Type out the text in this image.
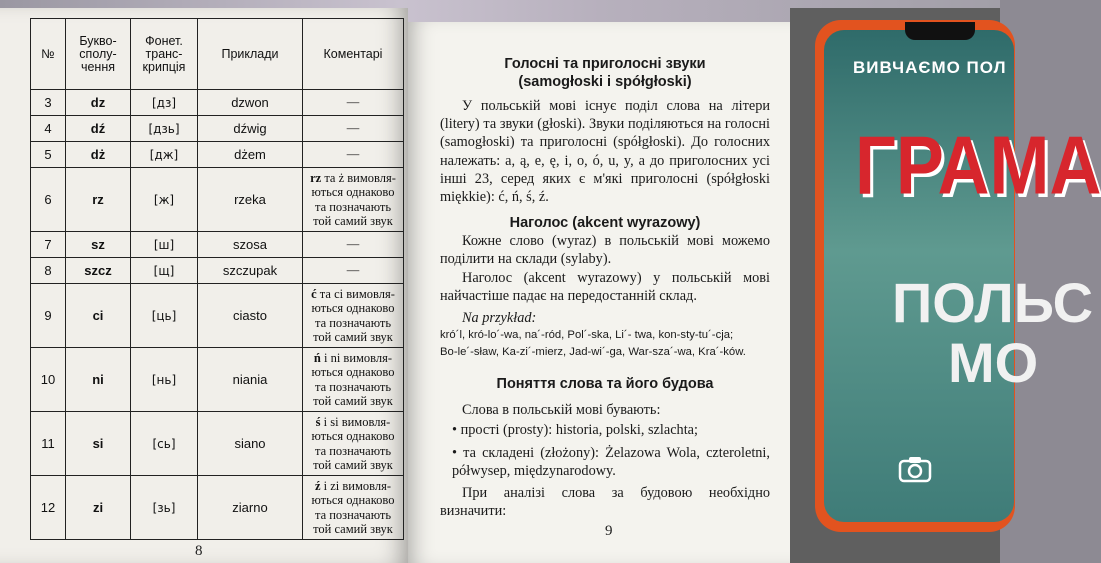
№	Букво-
сполу-
чення	Фонет.
транс-
крипція	Приклади	Коментарі
3	dz	[дз]	dzwon	—
4	dź	[дзь]	dźwig	—
5	dż	[дж]	dżem	—
6	rz	[ж]	rzeka	rz та ż вимовля-ються однаково та позначають той самий звук
7	sz	[ш]	szosa	—
8	szcz	[щ]	szczupak	—
9	ci	[ць]	ciasto	ć та ci вимовля-ються однаково та позначають той самий звук
10	ni	[нь]	niania	ń і ni вимовля-ються однаково та позначають той самий звук
11	si	[сь]	siano	ś і si вимовля-ються однаково та позначають той самий звук
12	zi	[зь]	ziarno	ź і zi вимовля-ються однаково та позначають той самий звук
8
9
Голосні та приголосні звуки
(samogłoski i spółgłoski)

У польській мові існує поділ слова на літери (litery) та звуки (głoski). Звуки поділяються на голосні (samogłoski) та приголосні (spółgłoski). До голосних належать: a, ą, e, ę, i, o, ó, u, y, а до приголосних усі інші 23, серед яких є м'які приголосні (spółgłoski miękkie): ć, ń, ś, ź.

Наголос (akcent wyrazowy)

Кожне слово (wyraz) в польській мові можемо поділити на склади (sylaby).

Наголос (akcent wyrazowy) у польській мові найчастіше падає на передостанній склад.

Na przykład:

kró´l, kró-lo´-wa, na´-ród, Pol´-ska, Li´- twa, kon-sty-tu´-cja;
Bo-le´-sław, Ka-zi´-mierz, Jad-wi´-ga, War-sza´-wa, Kra´-ków.
Поняття слова та його будова

Слова в польській мові бувають:

• прості (prosty): historia, polski, szlachta;

• та складені (złożony): Żelazowa Wola, czteroletni, półwysep, międzynarodowy.

При аналізі слова за будовою необхідно визначити:

ВИВЧАЄМО ПОЛ
ГРАМА
ПОЛЬС
МО
